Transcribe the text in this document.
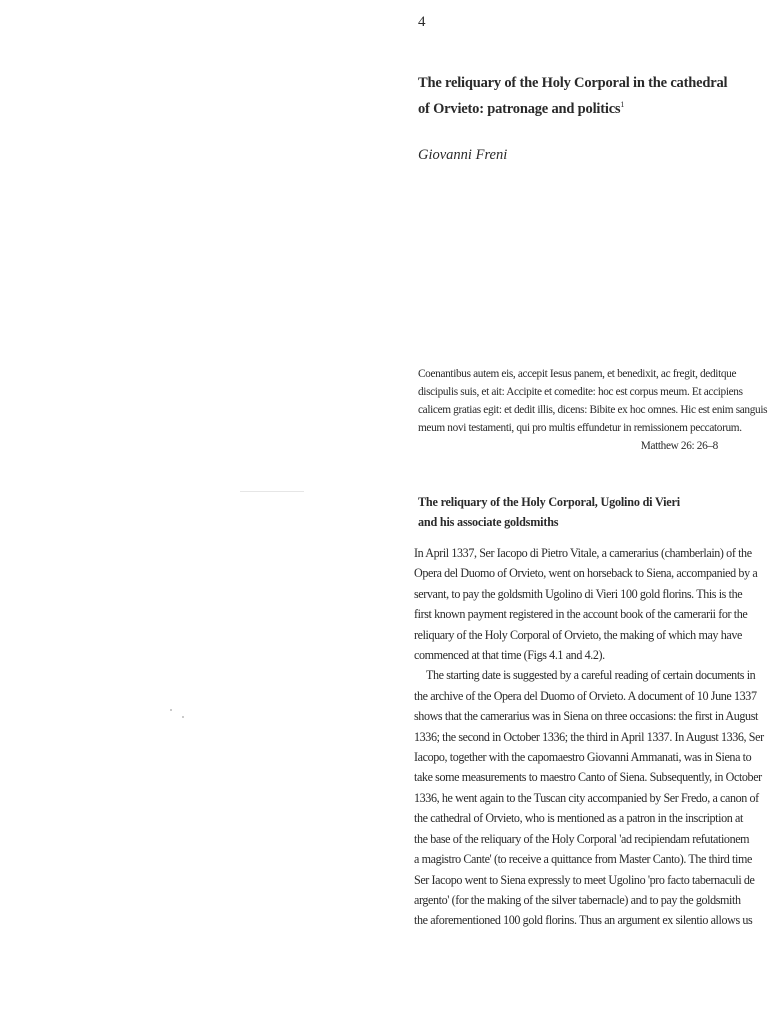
4
The reliquary of the Holy Corporal in the cathedral
of Orvieto: patronage and politics$^1$
Giovanni Freni
Coenantibus autem eis, accepit Iesus panem, et benedixit, ac fregit, deditque
discipulis suis, et ait: Accipite et comedite: hoc est corpus meum. Et accipiens
calicem gratias egit: et dedit illis, dicens: Bibite ex hoc omnes. Hic est enim sanguis
meum novi testamenti, qui pro multis effundetur in remissionem peccatorum.
Matthew 26: 26–8
The reliquary of the Holy Corporal, Ugolino di Vieri
and his associate goldsmiths
In April 1337, Ser Iacopo di Pietro Vitale, a camerarius (chamberlain) of the
Opera del Duomo of Orvieto, went on horseback to Siena, accompanied by a
servant, to pay the goldsmith Ugolino di Vieri 100 gold florins. This is the
first known payment registered in the account book of the camerarii for the
reliquary of the Holy Corporal of Orvieto, the making of which may have
commenced at that time (Figs 4.1 and 4.2).
The starting date is suggested by a careful reading of certain documents in
the archive of the Opera del Duomo of Orvieto. A document of 10 June 1337
shows that the camerarius was in Siena on three occasions: the first in August
1336; the second in October 1336; the third in April 1337. In August 1336, Ser
Iacopo, together with the capomaestro Giovanni Ammanati, was in Siena to
take some measurements to maestro Canto of Siena. Subsequently, in October
1336, he went again to the Tuscan city accompanied by Ser Fredo, a canon of
the cathedral of Orvieto, who is mentioned as a patron in the inscription at
the base of the reliquary of the Holy Corporal 'ad recipiendam refutationem
a magistro Cante' (to receive a quittance from Master Canto). The third time
Ser Iacopo went to Siena expressly to meet Ugolino 'pro facto tabernaculi de
argento' (for the making of the silver tabernacle) and to pay the goldsmith
the aforementioned 100 gold florins. Thus an argument ex silentio allows us
